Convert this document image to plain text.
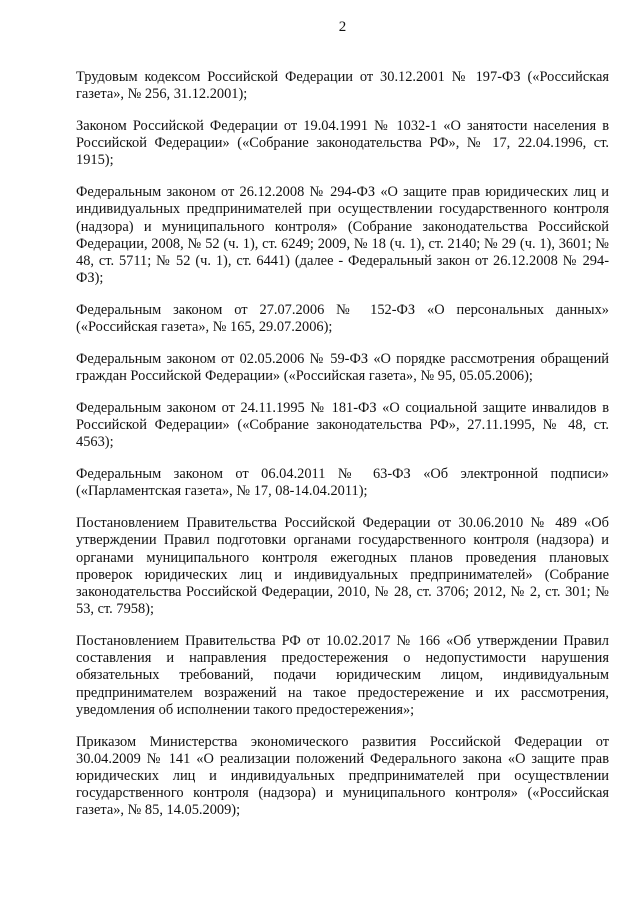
2

Трудовым кодексом Российской Федерации от 30.12.2001 № 197-ФЗ («Российская газета», № 256, 31.12.2001);

Законом Российской Федерации от 19.04.1991 № 1032-1 «О занятости населения в Российской Федерации» («Собрание законодательства РФ», № 17, 22.04.1996, ст. 1915);

Федеральным законом от 26.12.2008 № 294-ФЗ «О защите прав юридических лиц и индивидуальных предпринимателей при осуществлении государственного контроля (надзора) и муниципального контроля» (Собрание законодательства Российской Федерации, 2008, № 52 (ч. 1), ст. 6249; 2009, № 18 (ч. 1), ст. 2140; № 29 (ч. 1), 3601; № 48, ст. 5711; № 52 (ч. 1), ст. 6441) (далее - Федеральный закон от 26.12.2008 № 294-ФЗ);

Федеральным законом от 27.07.2006 № 152-ФЗ «О персональных данных» («Российская газета», № 165, 29.07.2006);

Федеральным законом от 02.05.2006 № 59-ФЗ «О порядке рассмотрения обращений граждан Российской Федерации» («Российская газета», № 95, 05.05.2006);

Федеральным законом от 24.11.1995 № 181-ФЗ «О социальной защите инвалидов в Российской Федерации» («Собрание законодательства РФ», 27.11.1995, № 48, ст. 4563);

Федеральным законом от 06.04.2011 № 63-ФЗ «Об электронной подписи» («Парламентская газета», № 17, 08-14.04.2011);

Постановлением Правительства Российской Федерации от 30.06.2010 № 489 «Об утверждении Правил подготовки органами государственного контроля (надзора) и органами муниципального контроля ежегодных планов проведения плановых проверок юридических лиц и индивидуальных предпринимателей» (Собрание законодательства Российской Федерации, 2010, № 28, ст. 3706; 2012, № 2, ст. 301; № 53, ст. 7958);

Постановлением Правительства РФ от 10.02.2017 № 166 «Об утверждении Правил составления и направления предостережения о недопустимости нарушения обязательных требований, подачи юридическим лицом, индивидуальным предпринимателем возражений на такое предостережение и их рассмотрения, уведомления об исполнении такого предостережения»;

Приказом Министерства экономического развития Российской Федерации от 30.04.2009 № 141 «О реализации положений Федерального закона «О защите прав юридических лиц и индивидуальных предпринимателей при осуществлении государственного контроля (надзора) и муниципального контроля» («Российская газета», № 85, 14.05.2009);
